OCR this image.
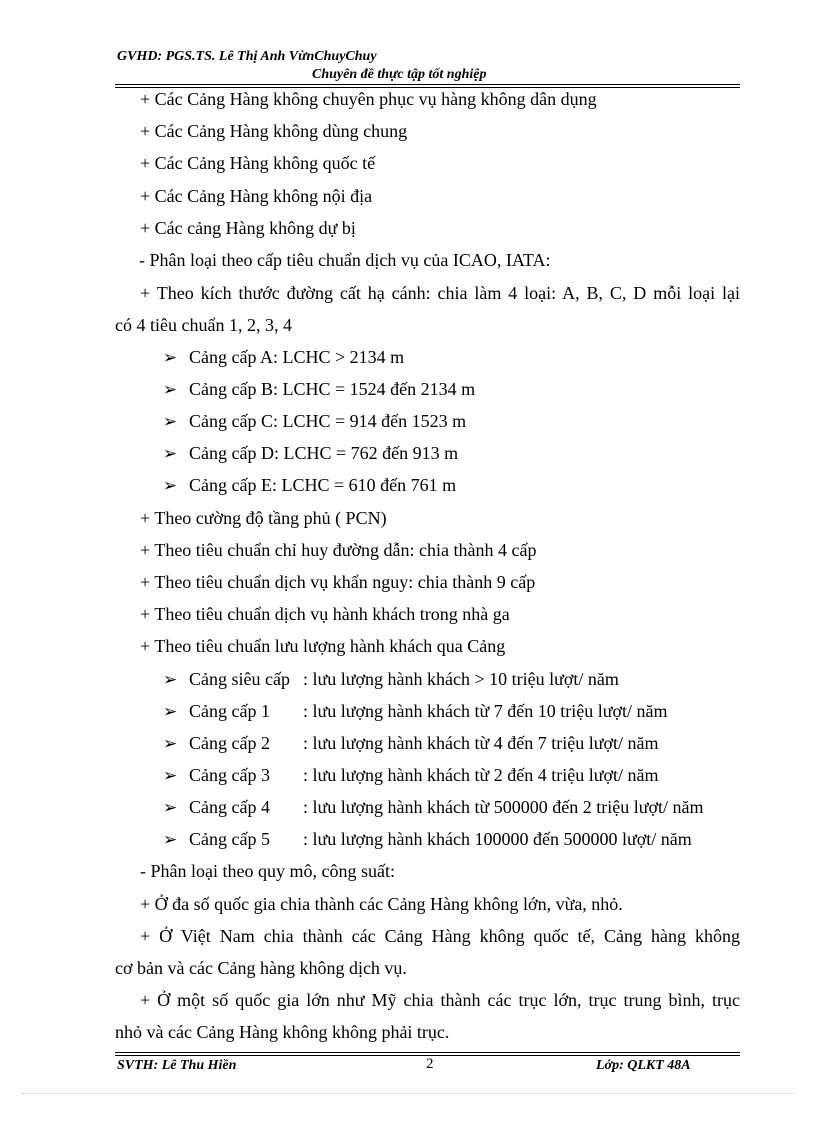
GVHD: PGS.TS. Lê Thị Anh VừnChuyChuy
Chuyên đề thực tập tốt nghiệp
+ Các Cảng Hàng không chuyên phục vụ hàng không dân dụng
+ Các Cảng Hàng không dùng chung
+ Các Cảng Hàng không quốc tế
+ Các Cảng Hàng không nội địa
+ Các cảng Hàng không dự bị
- Phân loại theo cấp tiêu chuẩn dịch vụ của ICAO, IATA:
+ Theo kích thước đường cất hạ cánh: chia làm 4 loại: A, B, C, D mỗi loại lại
có 4 tiêu chuẩn 1, 2, 3, 4
➢ Cảng cấp A: LCHC > 2134 m
➢ Cảng cấp B: LCHC = 1524 đến 2134 m
➢ Cảng cấp C: LCHC = 914 đến 1523 m
➢ Cảng cấp D: LCHC = 762 đến 913 m
➢ Cảng cấp E: LCHC = 610 đến 761 m
+ Theo cường độ tầng phủ ( PCN)
+ Theo tiêu chuẩn chỉ huy đường dẫn: chia thành 4 cấp
+ Theo tiêu chuẩn dịch vụ khẩn nguy: chia thành 9 cấp
+ Theo tiêu chuẩn dịch vụ hành khách trong nhà ga
+ Theo tiêu chuẩn lưu lượng hành khách qua Cảng
➢ Cảng siêu cấp : lưu lượng hành khách > 10 triệu lượt/ năm
➢ Cảng cấp 1 : lưu lượng hành khách từ 7 đến 10 triệu lượt/ năm
➢ Cảng cấp 2 : lưu lượng hành khách từ 4 đến 7 triệu lượt/ năm
➢ Cảng cấp 3 : lưu lượng hành khách từ 2 đến 4 triệu lượt/ năm
➢ Cảng cấp 4 : lưu lượng hành khách từ 500000 đến 2 triệu lượt/ năm
➢ Cảng cấp 5 : lưu lượng hành khách 100000 đến 500000 lượt/ năm
- Phân loại theo quy mô, công suất:
+ Ở đa số quốc gia chia thành các Cảng Hàng không lớn, vừa, nhỏ.
+ Ở Việt Nam chia thành các Cảng Hàng không quốc tế, Cảng hàng không
cơ bản và các Cảng hàng không dịch vụ.
+ Ở một số quốc gia lớn như Mỹ chia thành các trục lớn, trục trung bình, trục
nhỏ và các Cảng Hàng không không phải trục.
SVTH: Lê Thu Hiền	2	Lớp: QLKT 48A
